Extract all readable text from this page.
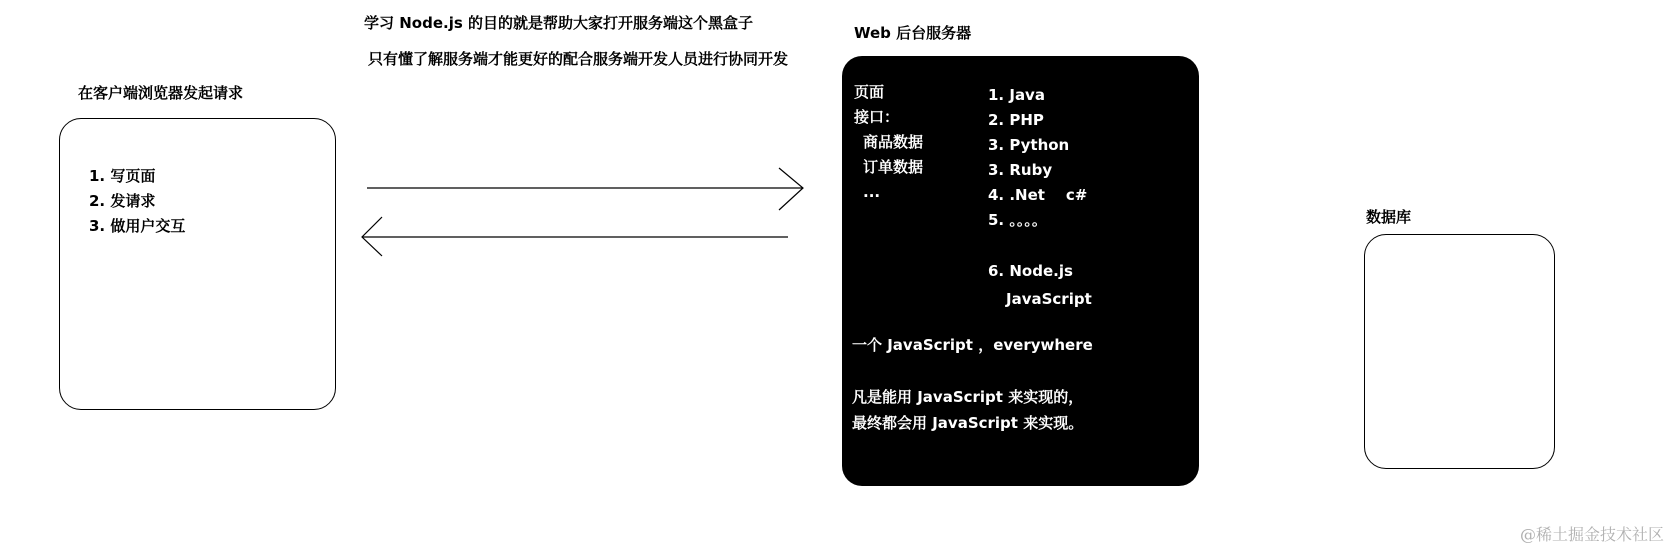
学习 Node.js 的目的就是帮助大家打开服务端这个黑盒子
只有懂了解服务端才能更好的配合服务端开发人员进行协同开发
在客户端浏览器发起请求
1. 写页面
2. 发请求
3. 做用户交互
Web 后台服务器
页面
接口：
商品数据
订单数据
...
1. Java
2. PHP
3. Python
3. Ruby
4. .Net    c#
5. 。。。。
6. Node.js
JavaScript
一个 JavaScript ，everywhere
凡是能用 JavaScript 来实现的，
最终都会用 JavaScript 来实现。
数据库
@稀土掘金技术社区
